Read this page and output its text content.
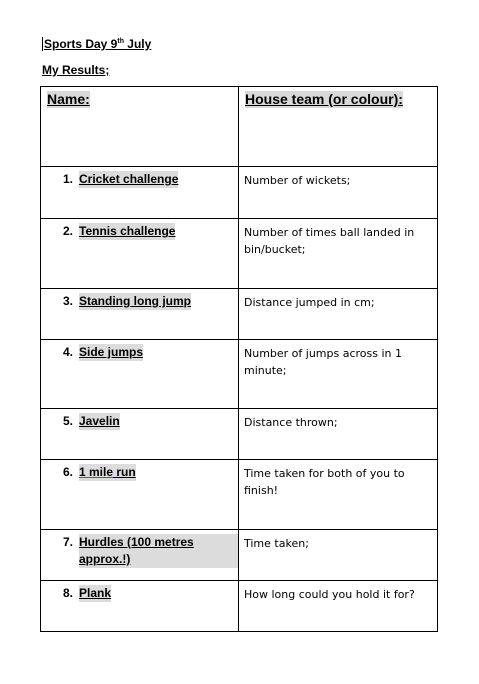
Sports Day 9th July
My Results;
Name:	House team (or colour):

1. Cricket challenge	Number of wickets;

2. Tennis challenge	Number of times ball landed in bin/bucket;

3. Standing long jump	Distance jumped in cm;

4. Side jumps	Number of jumps across in 1 minute;

5. Javelin	Distance thrown;

6. 1 mile run	Time taken for both of you to finish!

7. Hurdles (100 metres approx.!)	Time taken;

8. Plank	How long could you hold it for?
